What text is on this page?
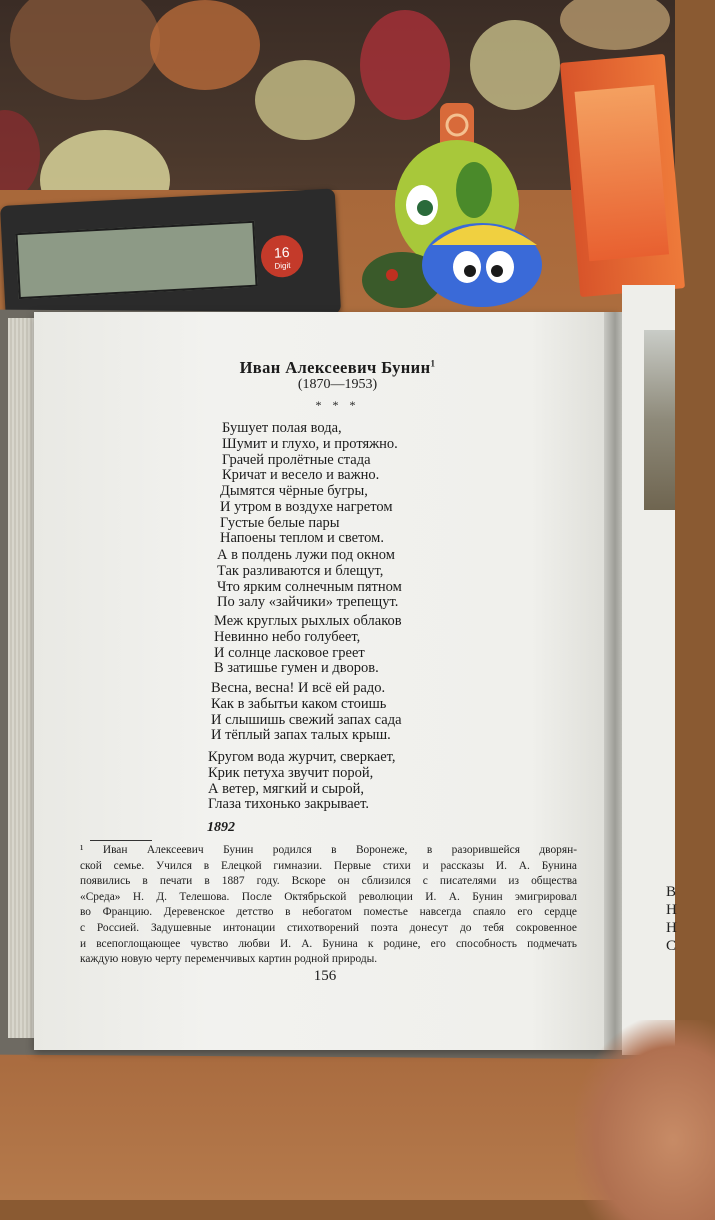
16
Digit
В
Н
Н
С
Иван Алексеевич Бунин$^1$
(1870—1953)
* * *
Бушует полая вода,
Шумит и глухо, и протяжно.
Грачей пролётные стада
Кричат и весело и важно.
Дымятся чёрные бугры,
И утром в воздухе нагретом
Густые белые пары
Напоены теплом и светом.
А в полдень лужи под окном
Так разливаются и блещут,
Что ярким солнечным пятном
По залу «зайчики» трепещут.
Меж круглых рыхлых облаков
Невинно небо голубеет,
И солнце ласковое греет
В затишье гумен и дворов.
Весна, весна! И всё ей радо.
Как в забытьи каком стоишь
И слышишь свежий запах сада
И тёплый запах талых крыш.
Кругом вода журчит, сверкает,
Крик петуха звучит порой,
А ветер, мягкий и сырой,
Глаза тихонько закрывает.
1892
¹ Иван Алексеевич Бунин родился в Воронеже, в разорившейся дворян-
ской семье. Учился в Елецкой гимназии. Первые стихи и рассказы И. А. Бунина
появились в печати в 1887 году. Вскоре он сблизился с писателями из общества
«Среда» Н. Д. Телешова. После Октябрьской революции И. А. Бунин эмигрировал
во Францию. Деревенское детство в небогатом поместье навсегда спаяло его сердце
с Россией. Задушевные интонации стихотворений поэта донесут до тебя сокровенное
и всепоглощающее чувство любви И. А. Бунина к родине, его способность подмечать
каждую новую черту переменчивых картин родной природы.
156
